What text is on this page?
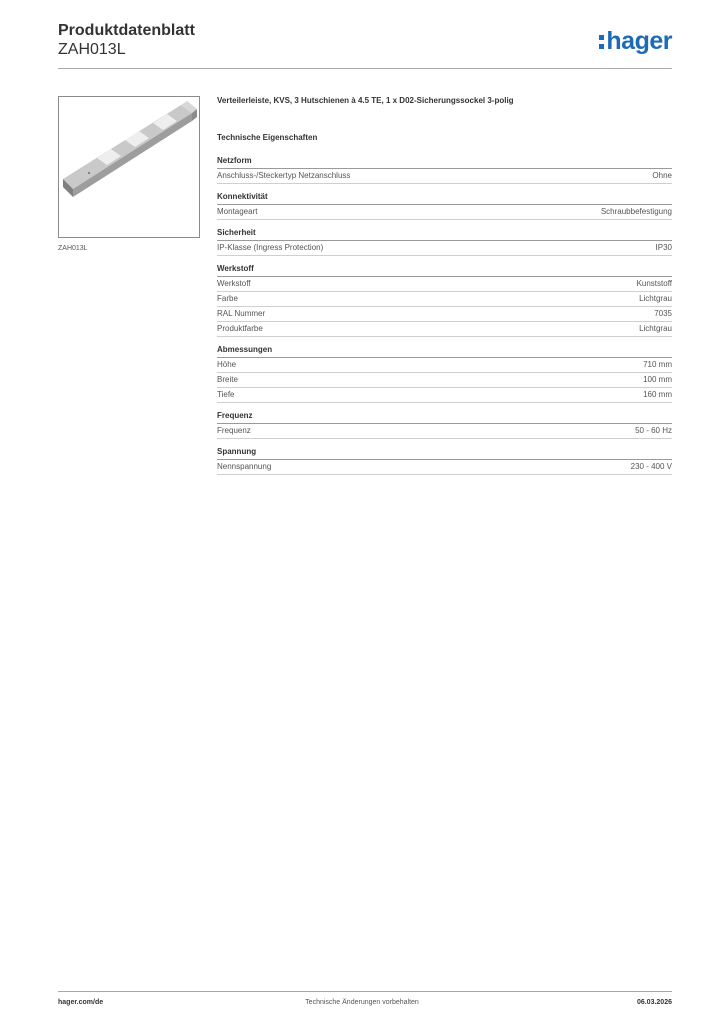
Produktdatenblatt
ZAH013L	hager
ZAH013L
Verteilerleiste, KVS, 3 Hutschienen à 4.5 TE, 1 x D02-Sicherungssockel 3-polig
Technische Eigenschaften
Netzform
Anschluss-/Steckertyp Netzanschluss	Ohne
Konnektivität
Montageart	Schraubbefestigung
Sicherheit
IP-Klasse (Ingress Protection)	IP30
Werkstoff
Werkstoff	Kunststoff
Farbe	Lichtgrau
RAL Nummer	7035
Produktfarbe	Lichtgrau
Abmessungen
Höhe	710 mm
Breite	100 mm
Tiefe	160 mm
Frequenz
Frequenz	50 - 60 Hz
Spannung
Nennspannung	230 - 400 V
hager.com/de	Technische Änderungen vorbehalten	06.03.2026
